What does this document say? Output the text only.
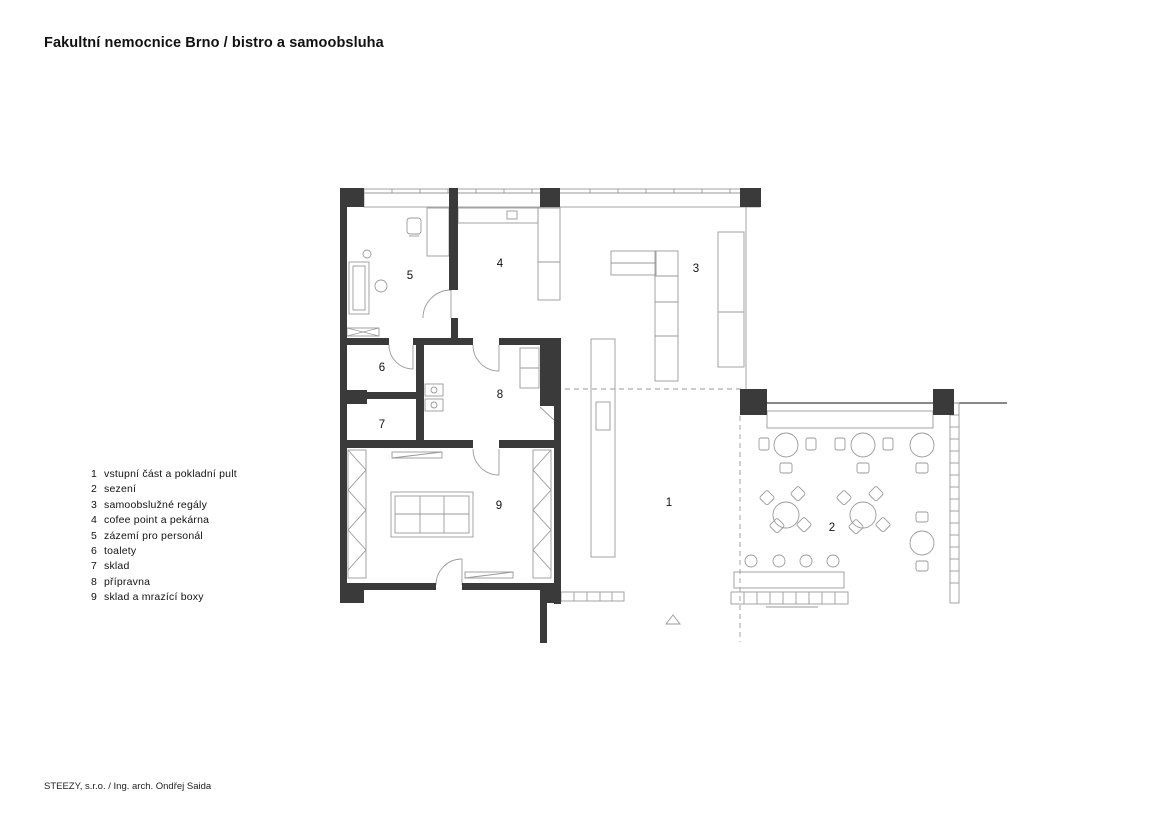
Fakultní nemocnice Brno / bistro a samoobsluha
1 vstupní část a pokladní pult
2 sezení
3 samoobslužné regály
4 cofee point a pekárna
5 zázemí pro personál
6 toalety
7 sklad
8 přípravna
9 sklad a mrazící boxy
1
2
3
4
5
6
7
8
9
STEEZY, s.r.o. / Ing. arch. Ondřej Saida
